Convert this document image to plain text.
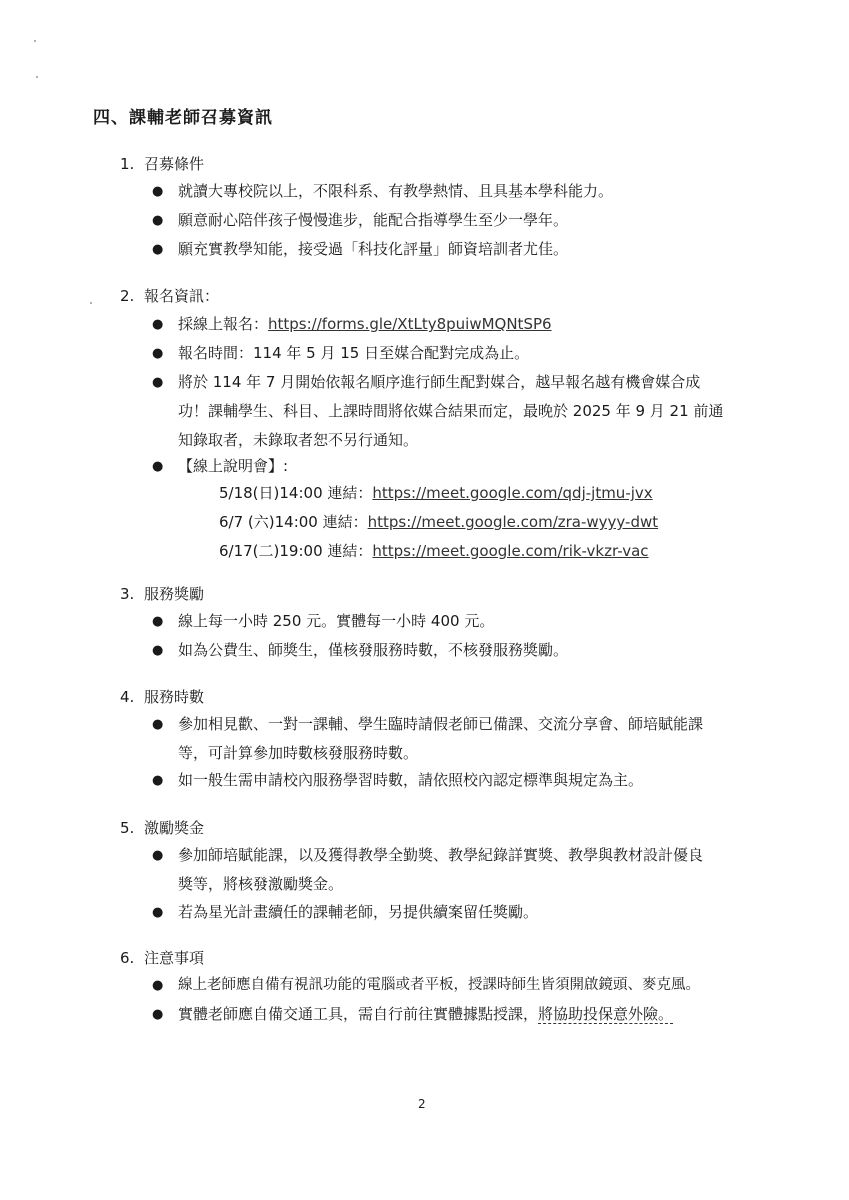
四、課輔老師召募資訊
1. 召募條件
● 就讀大專校院以上，不限科系、有教學熱情、且具基本學科能力。
● 願意耐心陪伴孩子慢慢進步，能配合指導學生至少一學年。
● 願充實教學知能，接受過「科技化評量」師資培訓者尤佳。
2. 報名資訊：
● 採線上報名：https://forms.gle/XtLty8puiwMQNtSP6
● 報名時間：114 年 5 月 15 日至媒合配對完成為止。
● 將於 114 年 7 月開始依報名順序進行師生配對媒合，越早報名越有機會媒合成
功！課輔學生、科目、上課時間將依媒合結果而定，最晚於 2025 年 9 月 21 前通
知錄取者，未錄取者恕不另行通知。
● 【線上說明會】:
5/18(日)14:00 連結：https://meet.google.com/qdj-jtmu-jvx
6/7 (六)14:00 連結：https://meet.google.com/zra-wyyy-dwt
6/17(二)19:00 連結：https://meet.google.com/rik-vkzr-vac
3. 服務獎勵
● 線上每一小時 250 元。實體每一小時 400 元。
● 如為公費生、師獎生，僅核發服務時數，不核發服務獎勵。
4. 服務時數
● 參加相見歡、一對一課輔、學生臨時請假老師已備課、交流分享會、師培賦能課
等，可計算參加時數核發服務時數。
● 如一般生需申請校內服務學習時數，請依照校內認定標準與規定為主。
5. 激勵獎金
● 參加師培賦能課，以及獲得教學全勤獎、教學紀錄詳實獎、教學與教材設計優良
獎等，將核發激勵獎金。
● 若為星光計畫續任的課輔老師，另提供續案留任獎勵。
6. 注意事項
● 線上老師應自備有視訊功能的電腦或者平板，授課時師生皆須開啟鏡頭、麥克風。
● 實體老師應自備交通工具，需自行前往實體據點授課，將協助投保意外險。
2
